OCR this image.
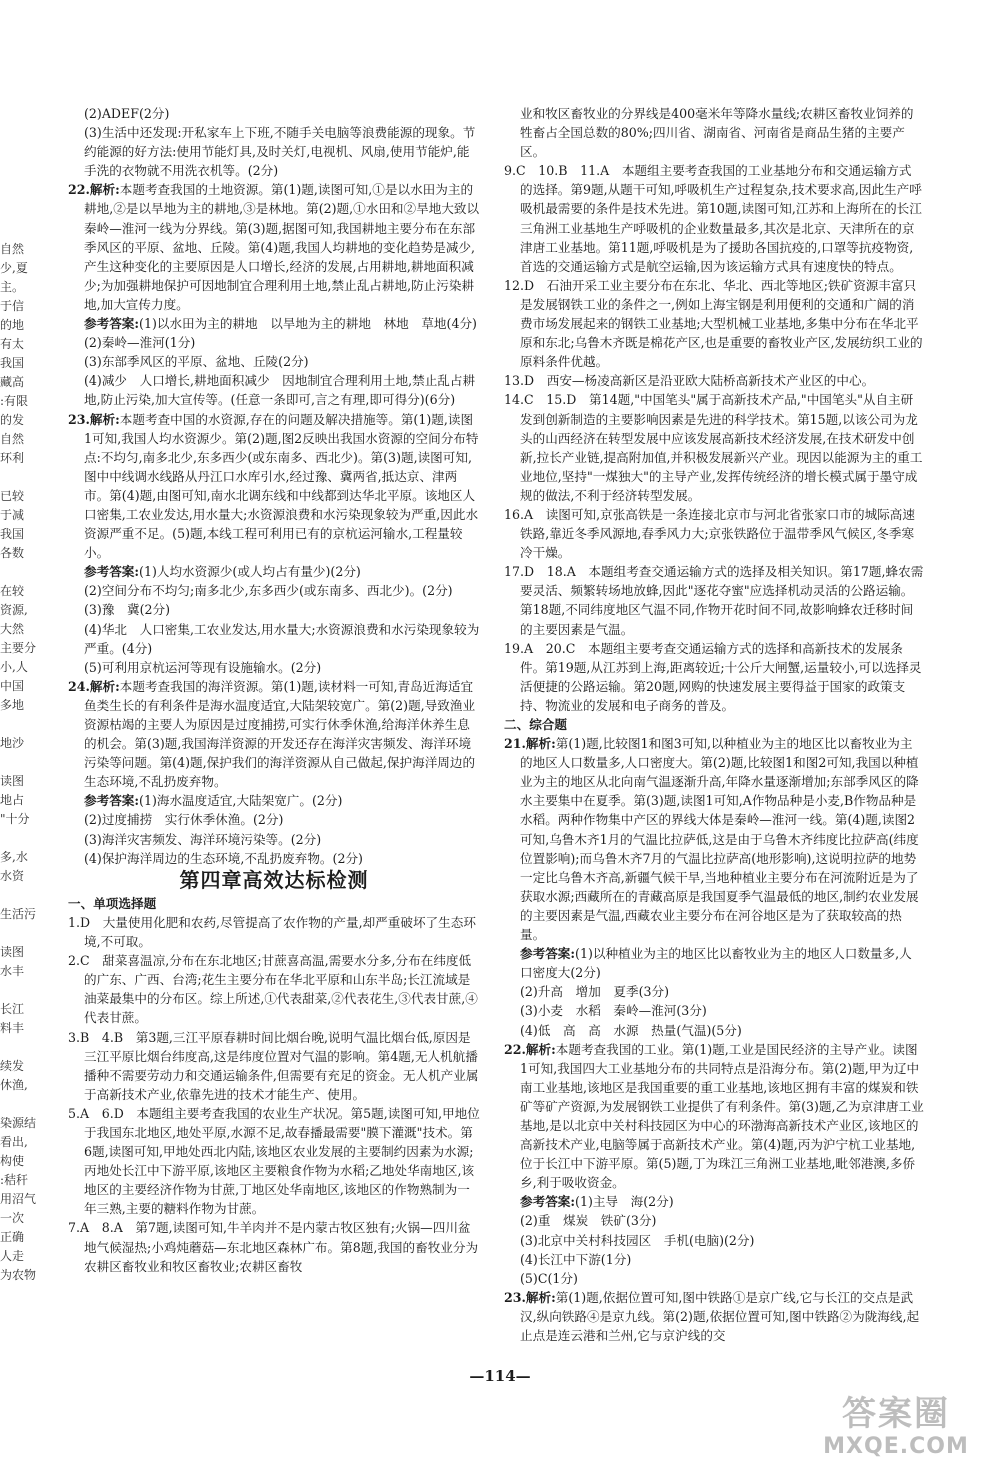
自然
少,夏
主。
于信
的地
有太
我国
藏高
:有限
的发
自然
环利

已较
于减
我国
各数

在较
资源,
大然
主要分
小,人
中国
多地

地沙

读图
地占
"十分

多,水
水资

生活污

读图
水丰

长江
料丰

续发
休渔,

染源结
看出,
构使
:秸秆
用沼气
一次
正确
人走
为农物

(2)ADEF(2分)

(3)生活中还发现:开私家车上下班,不随手关电脑等浪费能源的现象。节约能源的好方法:使用节能灯具,及时关灯,电视机、风扇,使用节能炉,能手洗的衣物就不用洗衣机等。(2分)

22.解析:本题考查我国的土地资源。第(1)题,读图可知,①是以水田为主的耕地,②是以旱地为主的耕地,③是林地。第(2)题,①水田和②旱地大致以秦岭—淮河一线为分界线。第(3)题,据图可知,我国耕地主要分布在东部季风区的平原、盆地、丘陵。第(4)题,我国人均耕地的变化趋势是减少,产生这种变化的主要原因是人口增长,经济的发展,占用耕地,耕地面积减少;为加强耕地保护可因地制宜合理利用土地,禁止乱占耕地,防止污染耕地,加大宣传力度。

参考答案:(1)以水田为主的耕地　以旱地为主的耕地　林地　草地(4分)

(2)秦岭—淮河(1分)

(3)东部季风区的平原、盆地、丘陵(2分)

(4)减少　人口增长,耕地面积减少　因地制宜合理利用土地,禁止乱占耕地,防止污染,加大宣传等。(任意一条即可,言之有理,即可得分)(6分)

23.解析:本题考查中国的水资源,存在的问题及解决措施等。第(1)题,读图1可知,我国人均水资源少。第(2)题,图2反映出我国水资源的空间分布特点:不均匀,南多北少,东多西少(或东南多、西北少)。第(3)题,读图可知,图中中线调水线路从丹江口水库引水,经过豫、冀两省,抵达京、津两市。第(4)题,由图可知,南水北调东线和中线都到达华北平原。该地区人口密集,工农业发达,用水量大;水资源浪费和水污染现象较为严重,因此水资源严重不足。(5)题,本线工程可利用已有的京杭运河输水,工程量较小。

参考答案:(1)人均水资源少(或人均占有量少)(2分)

(2)空间分布不均匀;南多北少,东多西少(或东南多、西北少)。(2分)

(3)豫　冀(2分)

(4)华北　人口密集,工农业发达,用水量大;水资源浪费和水污染现象较为严重。(4分)

(5)可利用京杭运河等现有设施输水。(2分)

24.解析:本题考查我国的海洋资源。第(1)题,读材料一可知,青岛近海适宜鱼类生长的有利条件是海水温度适宜,大陆架较宽广。第(2)题,导致渔业资源枯竭的主要人为原因是过度捕捞,可实行休季休渔,给海洋休养生息的机会。第(3)题,我国海洋资源的开发还存在海洋灾害频发、海洋环境污染等问题。第(4)题,保护我们的海洋资源从自己做起,保护海洋周边的生态环境,不乱扔废弃物。

参考答案:(1)海水温度适宜,大陆架宽广。(2分)

(2)过度捕捞　实行休季休渔。(2分)

(3)海洋灾害频发、海洋环境污染等。(2分)

(4)保护海洋周边的生态环境,不乱扔废弃物。(2分)

第四章高效达标检测

一、单项选择题

1.D　大量使用化肥和农药,尽管提高了农作物的产量,却严重破坏了生态环境,不可取。

2.C　甜菜喜温凉,分布在东北地区;甘蔗喜高温,需要水分多,分布在纬度低的广东、广西、台湾;花生主要分布在华北平原和山东半岛;长江流域是油菜最集中的分布区。综上所述,①代表甜菜,②代表花生,③代表甘蔗,④代表甘蔗。

3.B　4.B　第3题,三江平原春耕时间比烟台晚,说明气温比烟台低,原因是三江平原比烟台纬度高,这是纬度位置对气温的影响。第4题,无人机航播播种不需要劳动力和交通运输条件,但需要有充足的资金。无人机产业属于高新技术产业,依靠先进的技术才能生产、使用。

5.A　6.D　本题组主要考查我国的农业生产状况。第5题,读图可知,甲地位于我国东北地区,地处平原,水源不足,故春播最需要"膜下灌溉"技术。第6题,读图可知,甲地处西北内陆,该地区农业发展的主要制约因素为水源;丙地处长江中下游平原,该地区主要粮食作物为水稻;乙地处华南地区,该地区的主要经济作物为甘蔗,丁地区处华南地区,该地区的作物熟制为一年三熟,主要的糖料作物为甘蔗。

7.A　8.A　第7题,读图可知,牛羊肉并不是内蒙古牧区独有;火锅—四川盆地气候湿热;小鸡炖蘑菇—东北地区森林广布。第8题,我国的畜牧业分为农耕区畜牧业和牧区畜牧业;农耕区畜牧

业和牧区畜牧业的分界线是400毫米年等降水量线;农耕区畜牧业饲养的牲畜占全国总数的80%;四川省、湖南省、河南省是商品生猪的主要产区。

9.C　10.B　11.A　本题组主要考查我国的工业基地分布和交通运输方式的选择。第9题,从题干可知,呼吸机生产过程复杂,技术要求高,因此生产呼吸机最需要的条件是技术先进。第10题,读图可知,江苏和上海所在的长江三角洲工业基地生产呼吸机的企业数量最多,其次是北京、天津所在的京津唐工业基地。第11题,呼吸机是为了援助各国抗疫的,口罩等抗疫物资,首选的交通运输方式是航空运输,因为该运输方式具有速度快的特点。

12.D　石油开采工业主要分布在东北、华北、西北等地区;铁矿资源丰富只是发展钢铁工业的条件之一,例如上海宝钢是利用便利的交通和广阔的消费市场发展起来的钢铁工业基地;大型机械工业基地,多集中分布在华北平原和东北;乌鲁木齐既是棉花产区,也是重要的畜牧业产区,发展纺织工业的原料条件优越。

13.D　西安—杨凌高新区是沿亚欧大陆桥高新技术产业区的中心。

14.C　15.D　第14题,"中国笔头"属于高新技术产品,"中国笔头"从自主研发到创新制造的主要影响因素是先进的科学技术。第15题,以该公司为龙头的山西经济在转型发展中应该发展高新技术经济发展,在技术研发中创新,拉长产业链,提高附加值,并积极发展新兴产业。现因以能源为主的重工业地位,坚持"一煤独大"的主导产业,发挥传统经济的增长模式属于墨守成规的做法,不利于经济转型发展。

16.A　读图可知,京张高铁是一条连接北京市与河北省张家口市的城际高速铁路,靠近冬季风源地,春季风力大;京张铁路位于温带季风气候区,冬季寒冷干燥。

17.D　18.A　本题组考查交通运输方式的选择及相关知识。第17题,蜂农需要灵活、频繁转场地放蜂,因此"逐花夺蜜"应选择机动灵活的公路运输。第18题,不同纬度地区气温不同,作物开花时间不同,故影响蜂农迁移时间的主要因素是气温。

19.A　20.C　本题组主要考查交通运输方式的选择和高新技术的发展条件。第19题,从江苏到上海,距离较近;十公斤大闸蟹,运量较小,可以选择灵活便捷的公路运输。第20题,网购的快速发展主要得益于国家的政策支持、物流业的发展和电子商务的普及。

二、综合题

21.解析:第(1)题,比较图1和图3可知,以种植业为主的地区比以畜牧业为主的地区人口数量多,人口密度大。第(2)题,比较图1和图2可知,我国以种植业为主的地区从北向南气温逐渐升高,年降水量逐渐增加;东部季风区的降水主要集中在夏季。第(3)题,读图1可知,A作物品种是小麦,B作物品种是水稻。两种作物集中产区的界线大体是秦岭—淮河一线。第(4)题,读图2可知,乌鲁木齐1月的气温比拉萨低,这是由于乌鲁木齐纬度比拉萨高(纬度位置影响);而乌鲁木齐7月的气温比拉萨高(地形影响),这说明拉萨的地势一定比乌鲁木齐高,新疆气候干旱,当地种植业主要分布在河流附近是为了获取水源;西藏所在的青藏高原是我国夏季气温最低的地区,制约农业发展的主要因素是气温,西藏农业主要分布在河谷地区是为了获取较高的热量。

参考答案:(1)以种植业为主的地区比以畜牧业为主的地区人口数量多,人口密度大(2分)

(2)升高　增加　夏季(3分)

(3)小麦　水稻　秦岭—淮河(3分)

(4)低　高　高　水源　热量(气温)(5分)

22.解析:本题考查我国的工业。第(1)题,工业是国民经济的主导产业。读图1可知,我国四大工业基地分布的共同特点是沿海分布。第(2)题,甲为辽中南工业基地,该地区是我国重要的重工业基地,该地区拥有丰富的煤炭和铁矿等矿产资源,为发展钢铁工业提供了有利条件。第(3)题,乙为京津唐工业基地,是以北京中关村科技园区为中心的环渤海高新技术产业区,该地区的高新技术产业,电脑等属于高新技术产业。第(4)题,丙为沪宁杭工业基地,位于长江中下游平原。第(5)题,丁为珠江三角洲工业基地,毗邻港澳,多侨乡,利于吸收资金。

参考答案:(1)主导　海(2分)

(2)重　煤炭　铁矿(3分)

(3)北京中关村科技园区　手机(电脑)(2分)

(4)长江中下游(1分)

(5)C(1分)

23.解析:第(1)题,依据位置可知,图中铁路①是京广线,它与长江的交点是武汉,纵向铁路④是京九线。第(2)题,依据位置可知,图中铁路②为陇海线,起止点是连云港和兰州,它与京沪线的交

—114—
答案圈
MXQE.COM
